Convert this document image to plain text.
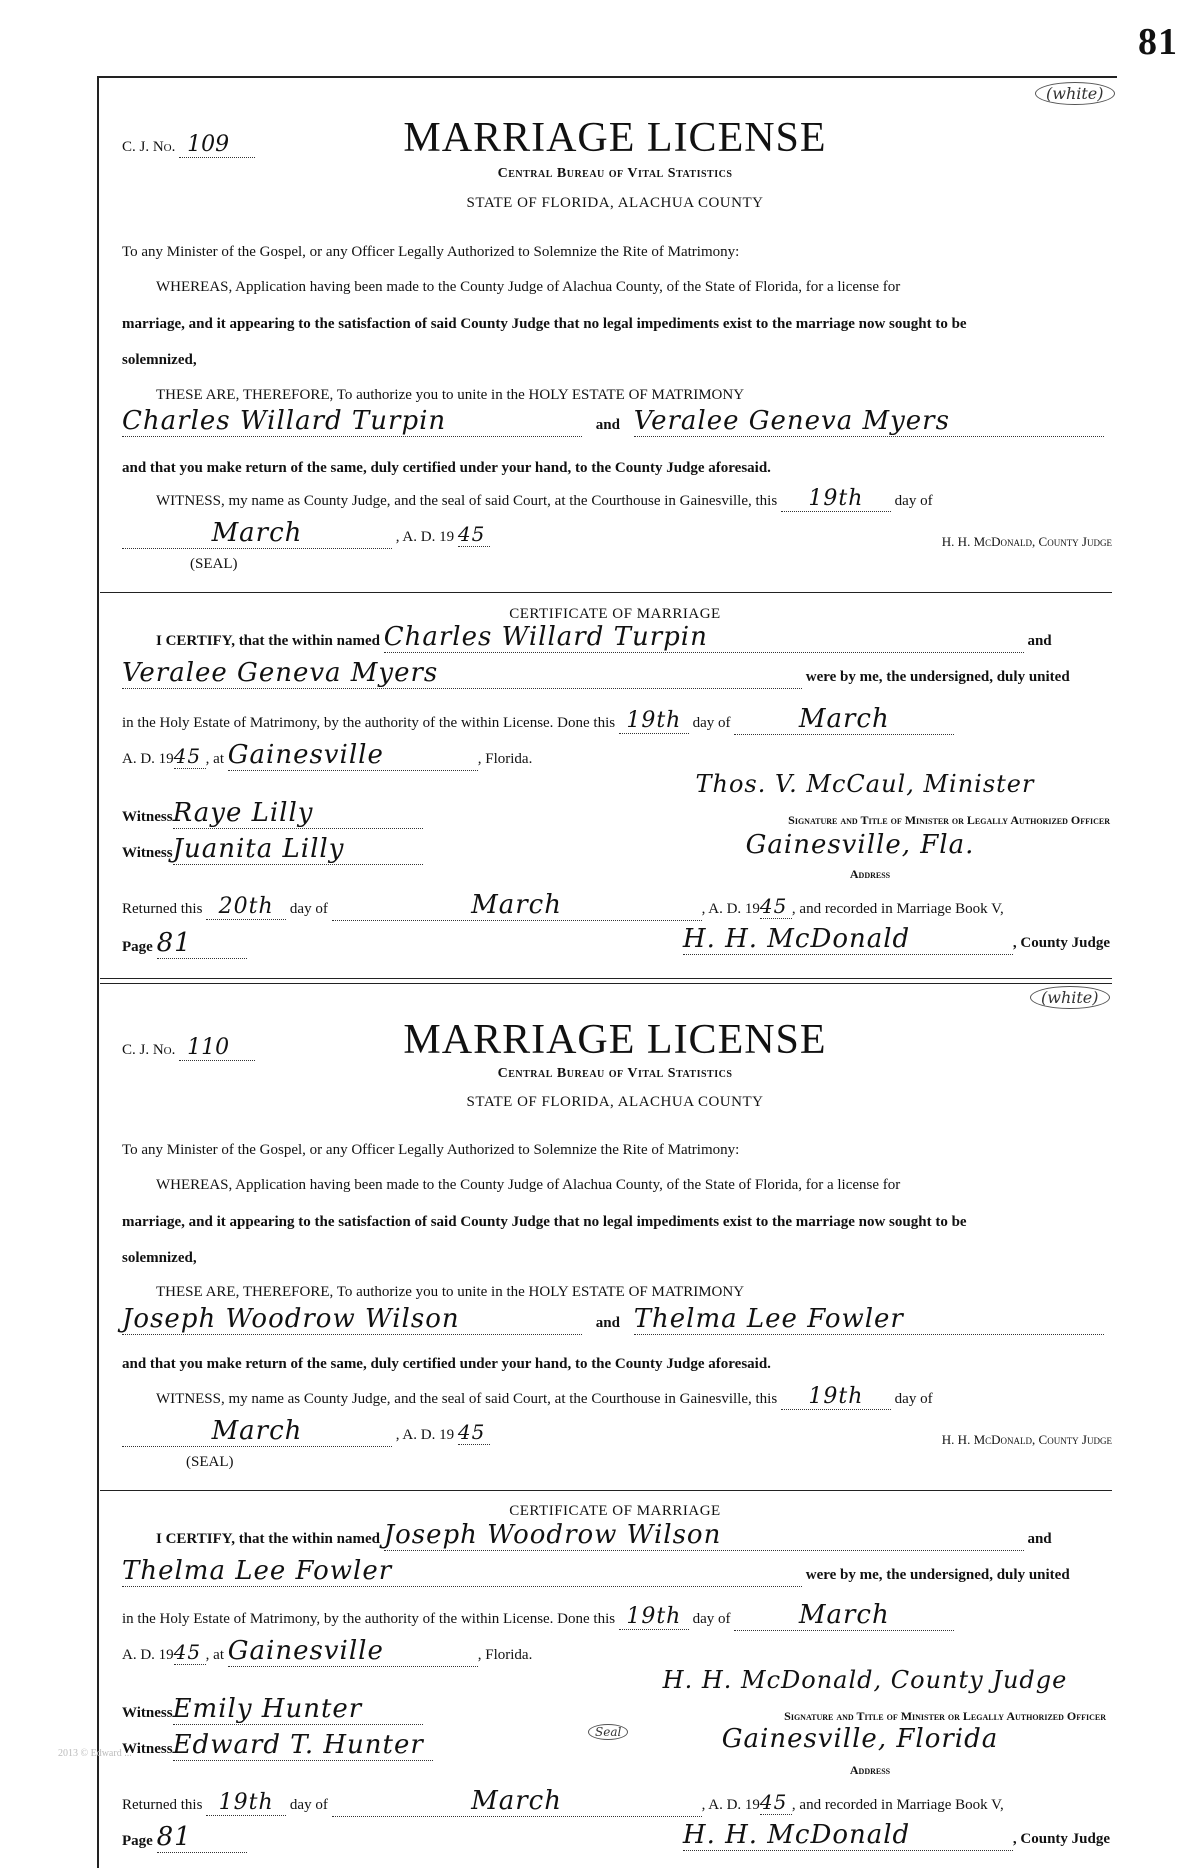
81
(white)
C. J. No. 109	MARRIAGE LICENSE
Central Bureau of Vital Statistics
STATE OF FLORIDA, ALACHUA COUNTY
To any Minister of the Gospel, or any Officer Legally Authorized to Solemnize the Rite of Matrimony:
WHEREAS, Application having been made to the County Judge of Alachua County, of the State of Florida, for a license for
marriage, and it appearing to the satisfaction of said County Judge that no legal impediments exist to the marriage now sought to be
solemnized,
THESE ARE, THEREFORE, To authorize you to unite in the HOLY ESTATE OF MATRIMONY
Charles Willard Turpin	and Veralee Geneva Myers
and that you make return of the same, duly certified under your hand, to the County Judge aforesaid.
WITNESS, my name as County Judge, and the seal of said Court, at the Courthouse in Gainesville, this 19th day of
March	, A. D. 19 45	H. H. McDonald, County Judge
(SEAL)
CERTIFICATE OF MARRIAGE
I CERTIFY, that the within named Charles Willard Turpin	and
Veralee Geneva Myers	were by me, the undersigned, duly united
in the Holy Estate of Matrimony, by the authority of the within License. Done this 19th day of	March
A. D. 1945 , at Gainesville	, Florida.
Thos. V. McCaul, Minister
WitnessRaye Lilly	Signature and Title of Minister or Legally Authorized Officer
WitnessJuanita Lilly	Gainesville, Fla.
Address
Returned this 20th day of	March	, A. D. 1945 , and recorded in Marriage Book V,
Page 81	H. H. McDonald	, County Judge
(white)
C. J. No. 110	MARRIAGE LICENSE
Central Bureau of Vital Statistics
STATE OF FLORIDA, ALACHUA COUNTY
To any Minister of the Gospel, or any Officer Legally Authorized to Solemnize the Rite of Matrimony:
WHEREAS, Application having been made to the County Judge of Alachua County, of the State of Florida, for a license for
marriage, and it appearing to the satisfaction of said County Judge that no legal impediments exist to the marriage now sought to be
solemnized,
THESE ARE, THEREFORE, To authorize you to unite in the HOLY ESTATE OF MATRIMONY
Joseph Woodrow Wilson	and Thelma Lee Fowler
and that you make return of the same, duly certified under your hand, to the County Judge aforesaid.
WITNESS, my name as County Judge, and the seal of said Court, at the Courthouse in Gainesville, this 19th day of
March	, A. D. 19 45	H. H. McDonald, County Judge
(SEAL)
CERTIFICATE OF MARRIAGE
I CERTIFY, that the within named Joseph Woodrow Wilson	and
Thelma Lee Fowler	were by me, the undersigned, duly united
in the Holy Estate of Matrimony, by the authority of the within License. Done this 19th day of	March
A. D. 1945 , at Gainesville	, Florida.
H. H. McDonald, County Judge
WitnessEmily Hunter	Signature and Title of Minister or Legally Authorized Officer
WitnessEdward T. Hunter	Seal	Gainesville, Florida
Address
Returned this 19th day of	March	, A. D. 1945 , and recorded in Marriage Book V,
Page 81	H. H. McDonald	, County Judge
2013 © Edward ...
